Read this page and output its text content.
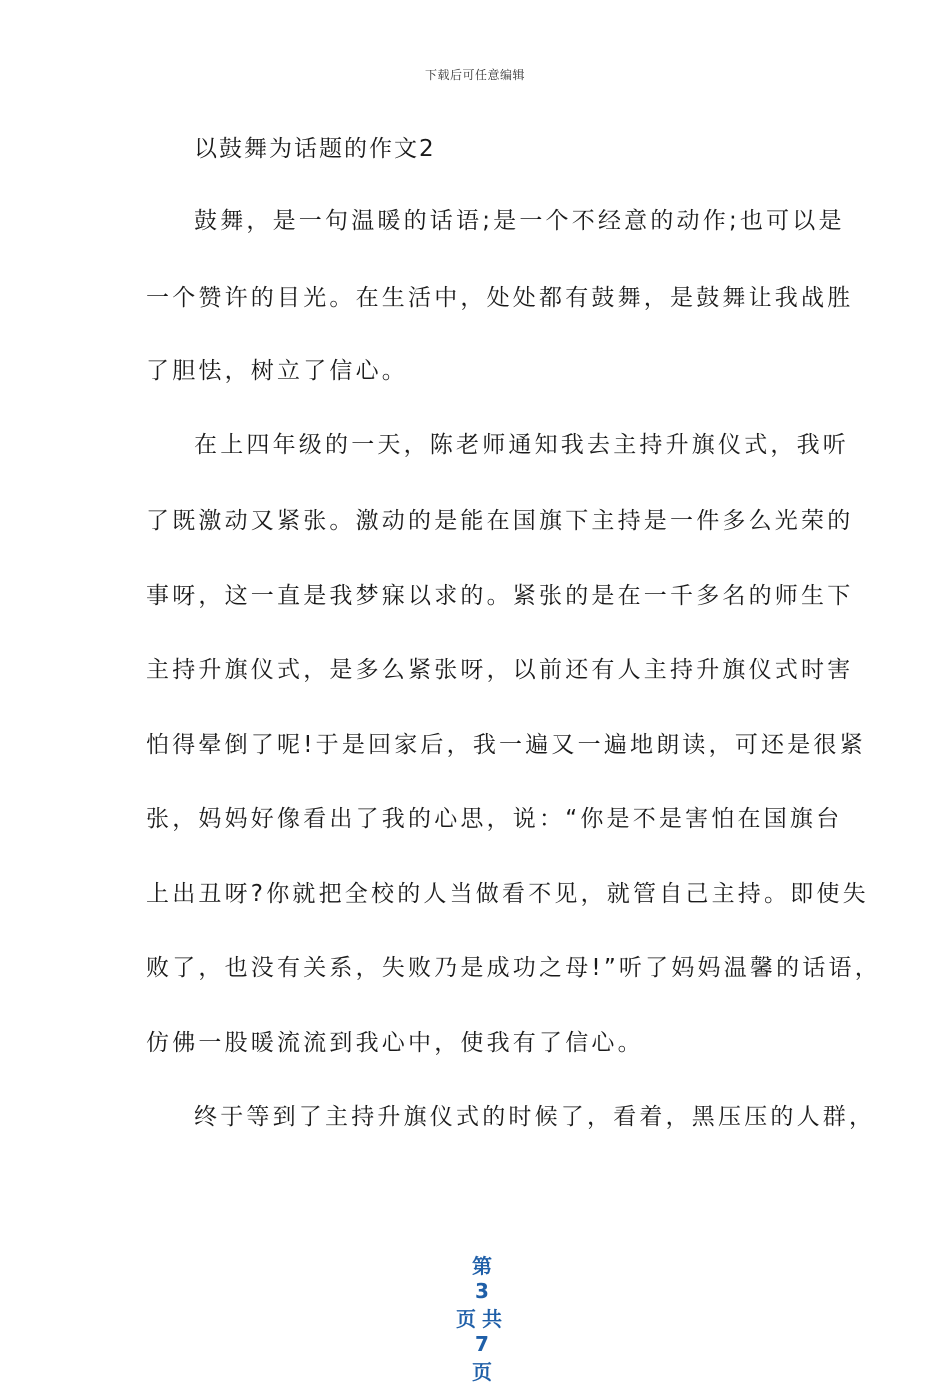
下载后可任意编辑
以鼓舞为话题的作文2
鼓舞，是一句温暖的话语;是一个不经意的动作;也可以是
一个赞许的目光。在生活中，处处都有鼓舞，是鼓舞让我战胜
了胆怯，树立了信心。
在上四年级的一天，陈老师通知我去主持升旗仪式，我听
了既激动又紧张。激动的是能在国旗下主持是一件多么光荣的
事呀，这一直是我梦寐以求的。紧张的是在一千多名的师生下
主持升旗仪式，是多么紧张呀，以前还有人主持升旗仪式时害
怕得晕倒了呢!于是回家后，我一遍又一遍地朗读，可还是很紧
张，妈妈好像看出了我的心思，说：“你是不是害怕在国旗台
上出丑呀?你就把全校的人当做看不见，就管自己主持。即使失
败了，也没有关系，失败乃是成功之母!”听了妈妈温馨的话语，
仿佛一股暖流流到我心中，使我有了信心。
终于等到了主持升旗仪式的时候了，看着，黑压压的人群，

第
3
页共
7
页
